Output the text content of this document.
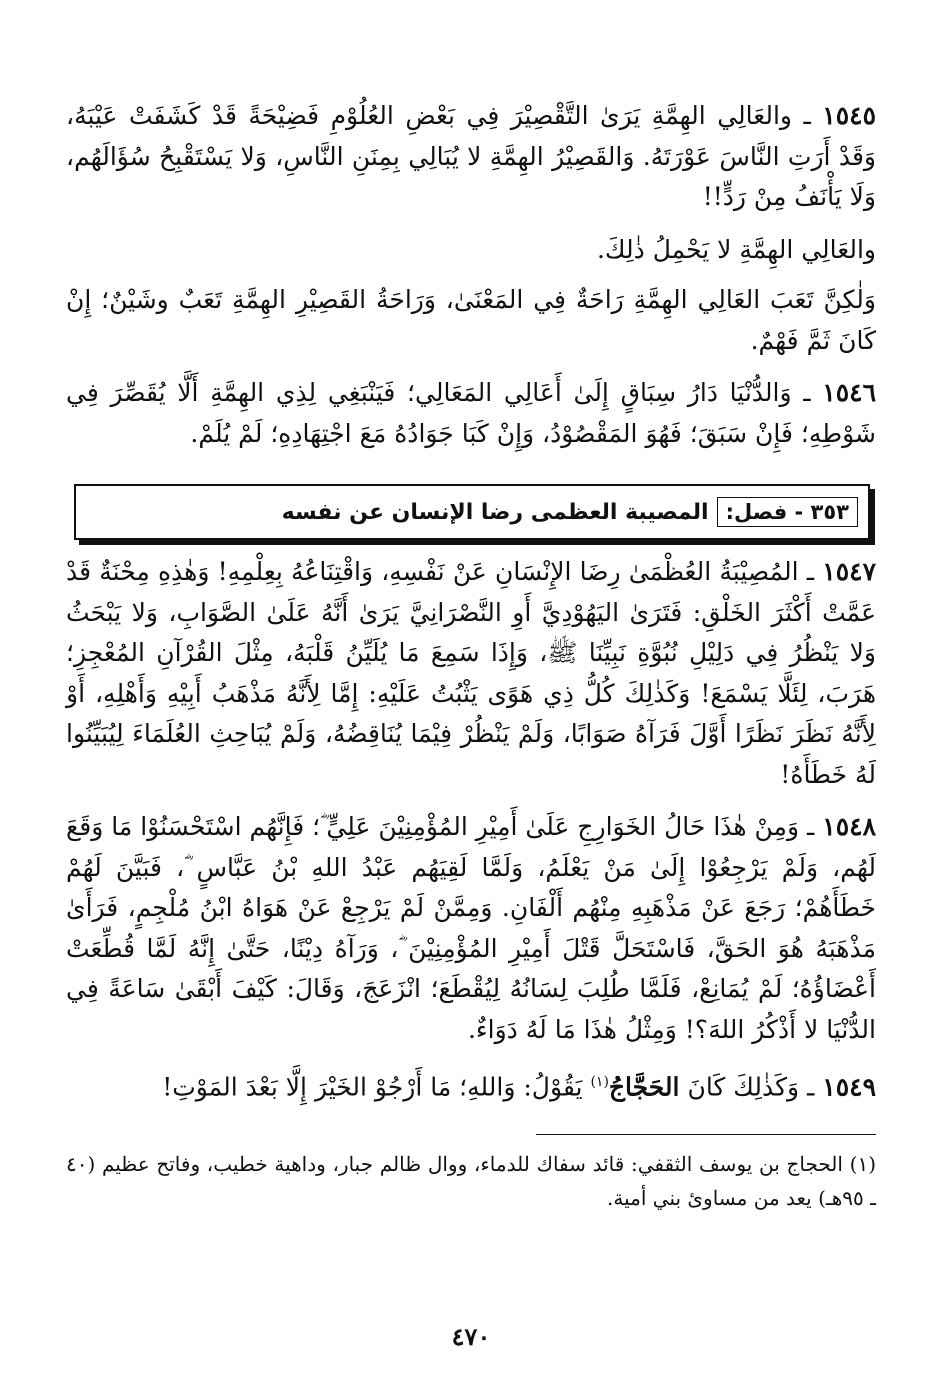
١٥٤٥ ـ والعَالِي الهِمَّةِ يَرَىٰ التَّقْصِيْرَ فِي بَعْضِ العُلُوْمِ فَضِيْحَةً قَدْ كَشَفَتْ عَيْبَهُ، وَقَدْ أَرَتِ النَّاسَ عَوْرَتَهُ. وَالقَصِيْرُ الهِمَّةِ لا يُبَالِي بِمِنَنِ النَّاسِ، وَلا يَسْتَقْبِحُ سُؤَالَهُم، وَلَا يَأْنَفُ مِنْ رَدٍّ!!

والعَالِي الهِمَّةِ لا يَحْمِلُ ذٰلِكَ.

وَلٰكِنَّ تَعَبَ العَالِي الهِمَّةِ رَاحَةٌ فِي المَعْنَىٰ، وَرَاحَةُ القَصِيْرِ الهِمَّةِ تَعَبٌ وشَيْنٌ؛ إِنْ كَانَ ثَمَّ فَهْمٌ.

١٥٤٦ ـ وَالدُّنْيَا دَارُ سِبَاقٍ إِلَىٰ أَعَالِي المَعَالِي؛ فَيَنْبَغِي لِذِي الهِمَّةِ أَلَّا يُقَصِّرَ فِي شَوْطِهِ؛ فَإِنْ سَبَقَ؛ فَهُوَ المَقْصُوْدُ، وَإِنْ كَبَا جَوَادُهُ مَعَ اجْتِهَادِهِ؛ لَمْ يُلَمْ.

٣٥٣ - فصل:
المصيبة العظمى رضا الإنسان عن نفسه

١٥٤٧ ـ المُصِيْبَةُ العُظْمَىٰ رِضَا الإِنْسَانِ عَنْ نَفْسِهِ، وَاقْتِنَاعُهُ بِعِلْمِهِ! وَهٰذِهِ مِحْنَةٌ قَدْ عَمَّتْ أَكْثَرَ الخَلْقِ: فَتَرَىٰ اليَهُوْدِيَّ أَوِ النَّصْرَانِيَّ يَرَىٰ أَنَّهُ عَلَىٰ الصَّوَابِ، وَلا يَبْحَثُ وَلا يَنْظُرُ فِي دَلِيْلِ نُبُوَّةِ نَبِيِّنَا ﷺ، وَإِذَا سَمِعَ مَا يُلَيِّنُ قَلْبَهُ، مِثْلَ القُرْآنِ المُعْجِزِ؛ هَرَبَ، لِئَلَّا يَسْمَعَ! وَكَذٰلِكَ كُلُّ ذِي هَوًى يَثْبُتُ عَلَيْهِ: إِمَّا لِأَنَّهُ مَذْهَبُ أَبِيْهِ وَأَهْلِهِ، أَوْ لِأَنَّهُ نَظَرَ نَظَرًا أَوَّلَ فَرَآهُ صَوَابًا، وَلَمْ يَنْظُرْ فِيْمَا يُنَاقِضُهُ، وَلَمْ يُبَاحِثِ العُلَمَاءَ لِيُبَيِّنُوا لَهُ خَطَأَهُ!

١٥٤٨ ـ وَمِنْ هٰذَا حَالُ الخَوَارِجِ عَلَىٰ أَمِيْرِ المُؤْمِنِيْنَ عَلِيٍّ ؓ؛ فَإِنَّهُم اسْتَحْسَنُوْا مَا وَقَعَ لَهُم، وَلَمْ يَرْجِعُوْا إِلَىٰ مَنْ يَعْلَمُ، وَلَمَّا لَقِيَهُم عَبْدُ اللهِ بْنُ عَبَّاسٍ ؓ، فَبَيَّنَ لَهُمْ خَطَأَهُمْ؛ رَجَعَ عَنْ مَذْهَبِهِ مِنْهُم أَلْفَانِ. وَمِمَّنْ لَمْ يَرْجِعْ عَنْ هَوَاهُ ابْنُ مُلْجِمٍ، فَرَأَىٰ مَذْهَبَهُ هُوَ الحَقَّ، فَاسْتَحَلَّ قَتْلَ أَمِيْرِ المُؤْمِنِيْنَ ؓ، وَرَآهُ دِيْنًا، حَتَّىٰ إِنَّهُ لَمَّا قُطِّعَتْ أَعْضَاؤُهُ؛ لَمْ يُمَانِعْ، فَلَمَّا طُلِبَ لِسَانُهُ لِيُقْطَعَ؛ انْزَعَجَ، وَقَالَ: كَيْفَ أَبْقَىٰ سَاعَةً فِي الدُّنْيَا لا أَذْكُرُ اللهَ؟! وَمِثْلُ هٰذَا مَا لَهُ دَوَاءٌ.

١٥٤٩ ـ وَكَذٰلِكَ كَانَ الحَجَّاجُ$^{(١)}$ يَقُوْلُ: وَاللهِ؛ مَا أَرْجُوْ الخَيْرَ إِلَّا بَعْدَ المَوْتِ!

(١) الحجاج بن يوسف الثقفي: قائد سفاك للدماء، ووال ظالم جبار، وداهية خطيب، وفاتح عظيم (٤٠ ـ ٩٥هـ) يعد من مساوئ بني أمية.

٤٧٠
